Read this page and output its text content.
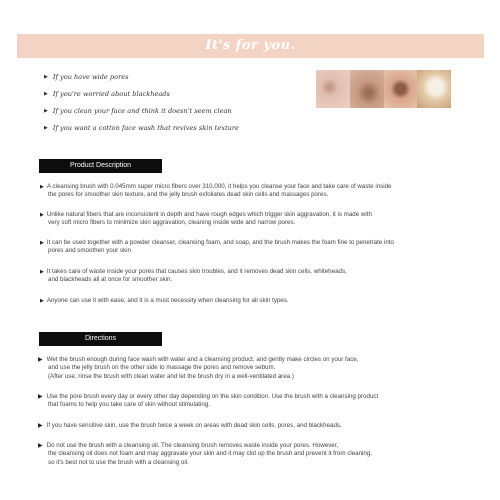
It's for you.
▶ If you have wide pores
▶ If you're worried about blackheads
▶ If you clean your face and think it doesn't seem clean
▶ If you want a cotton face wash that revives skin texture
Product Description
▶ A cleansing brush with 0.045mm super micro fibers over 310,000, it helps you cleanse your face and take care of waste inside
the pores for smoother skin texture, and the jelly brush exfoliates dead skin cells and massages pores.
▶ Unlike natural fibers that are inconsistent in depth and have rough edges which trigger skin aggravation, it is made with
very soft micro fibers to minimize skin aggravation, cleaning inside wide and narrow pores.
▶ It can be used together with a powder cleanser, cleansing foam, and soap, and the brush makes the foam fine to penetrate into
pores and smoothen your skin
▶ It takes care of waste inside your pores that causes skin troubles, and it removes dead skin cells, whiteheads,
and blackheads all at once for smoother skin.
▶ Anyone can use it with ease, and it is a must necessity when cleansing for all skin types.
Directions
▶ Wet the brush enough during face wash with water and a cleansing product, and gently make circles on your face,
and use the jelly brush on the other side to massage the pores and remove sebum.
(After use, rinse the brush with clean water and let the brush dry in a well-ventilated area.)
▶ Use the pore brush every day or every other day depending on the skin condition. Use the brush with a cleansing product
that foams to help you take care of skin without stimulating.
▶ If you have sensitive skin, use the brush twice a week on areas with dead skin cells, pores, and blackheads.
▶ Do not use the brush with a cleansing oil. The cleansing brush removes waste inside your pores. However,
the cleansing oil does not foam and may aggravate your skin and it may clot up the brush and prevent it from cleaning,
so it's best not to use the brush with a cleansing oil.
